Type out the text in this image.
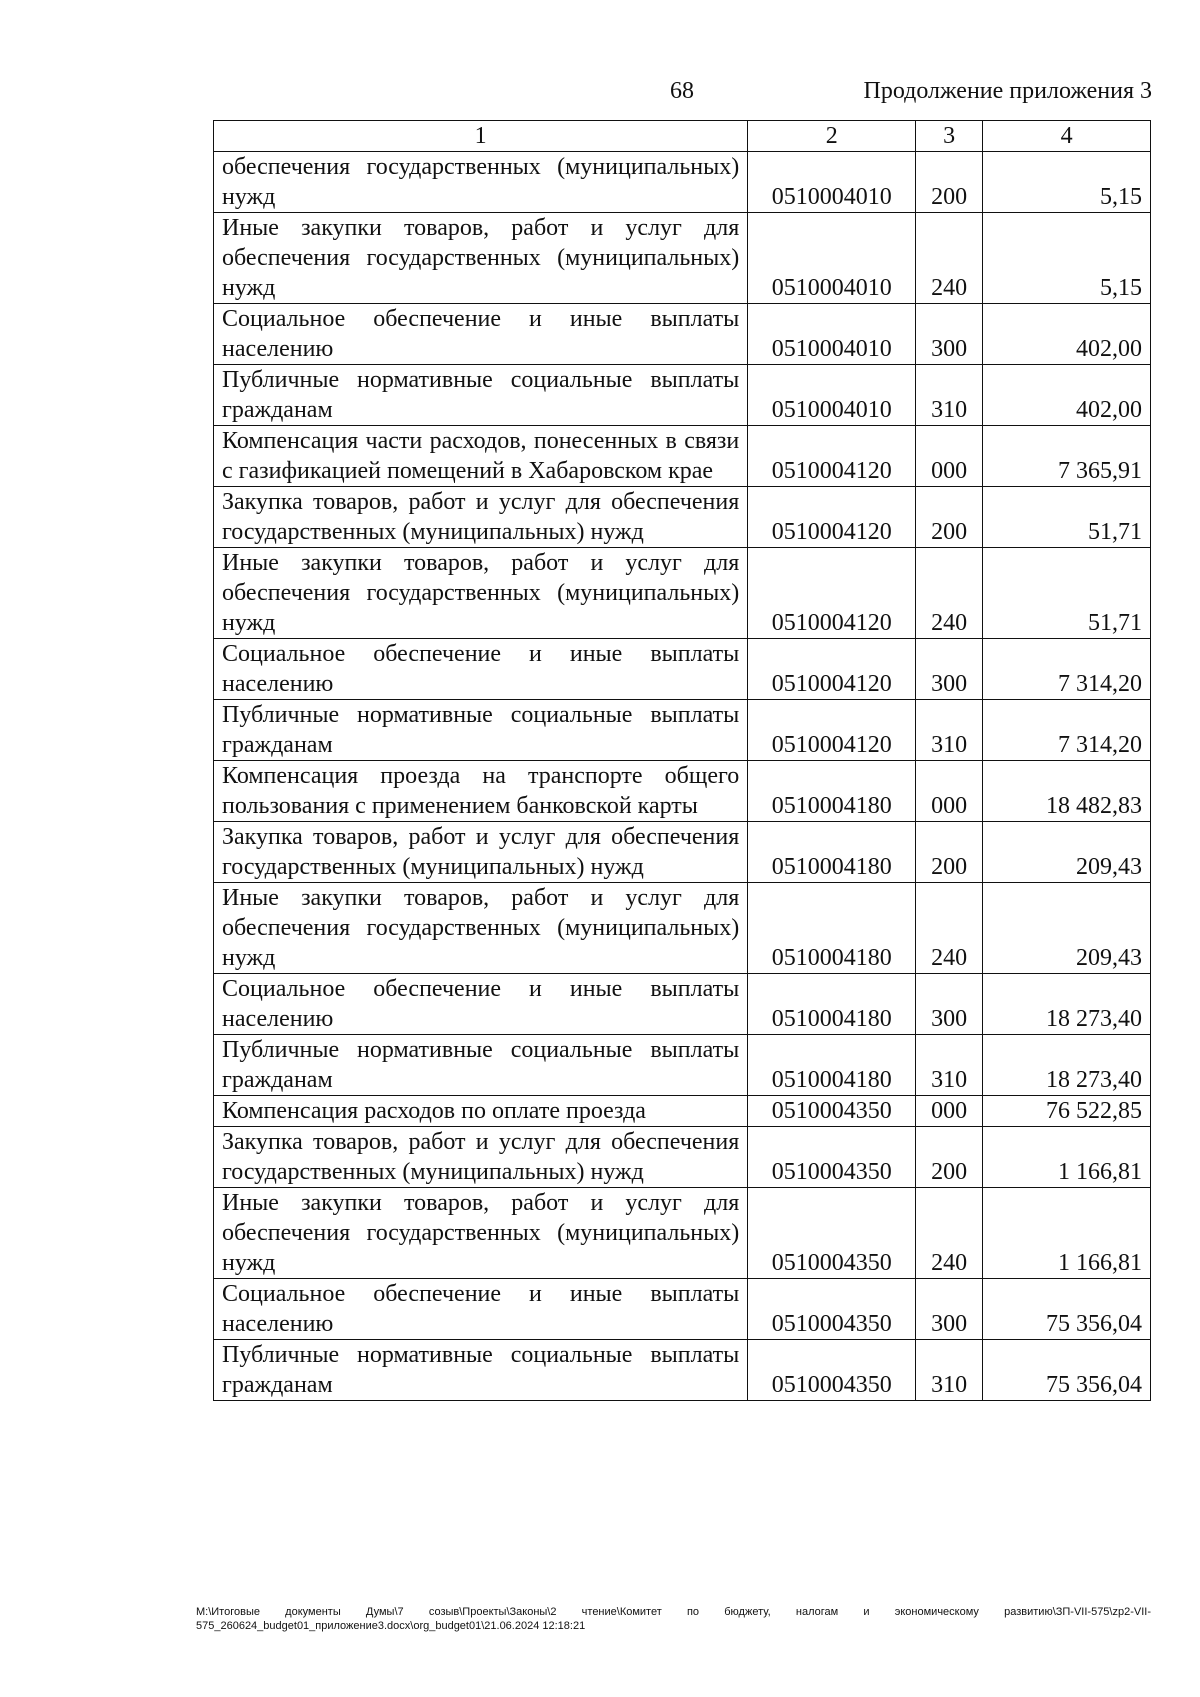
68	Продолжение приложения 3
1	2	3	4
обеспечения государственных (муниципальных) нужд	0510004010	200	5,15
Иные закупки товаров, работ и услуг для обеспечения государственных (муниципальных) нужд	0510004010	240	5,15
Социальное обеспечение и иные выплаты населению	0510004010	300	402,00
Публичные нормативные социальные выплаты гражданам	0510004010	310	402,00
Компенсация части расходов, понесенных в связи с газификацией помещений в Хабаровском крае	0510004120	000	7 365,91
Закупка товаров, работ и услуг для обеспечения государственных (муниципальных) нужд	0510004120	200	51,71
Иные закупки товаров, работ и услуг для обеспечения государственных (муниципальных) нужд	0510004120	240	51,71
Социальное обеспечение и иные выплаты населению	0510004120	300	7 314,20
Публичные нормативные социальные выплаты гражданам	0510004120	310	7 314,20
Компенсация проезда на транспорте общего пользования с применением банковской карты	0510004180	000	18 482,83
Закупка товаров, работ и услуг для обеспечения государственных (муниципальных) нужд	0510004180	200	209,43
Иные закупки товаров, работ и услуг для обеспечения государственных (муниципальных) нужд	0510004180	240	209,43
Социальное обеспечение и иные выплаты населению	0510004180	300	18 273,40
Публичные нормативные социальные выплаты гражданам	0510004180	310	18 273,40
Компенсация расходов по оплате проезда	0510004350	000	76 522,85
Закупка товаров, работ и услуг для обеспечения государственных (муниципальных) нужд	0510004350	200	1 166,81
Иные закупки товаров, работ и услуг для обеспечения государственных (муниципальных) нужд	0510004350	240	1 166,81
Социальное обеспечение и иные выплаты населению	0510004350	300	75 356,04
Публичные нормативные социальные выплаты гражданам	0510004350	310	75 356,04
M:\Итоговые документы Думы\7 созыв\Проекты\Законы\2 чтение\Комитет по бюджету, налогам и экономическому развитию\ЗП-VII-575\zp2-VII-575_260624_budget01_приложение3.docx\org_budget01\21.06.2024 12:18:21
